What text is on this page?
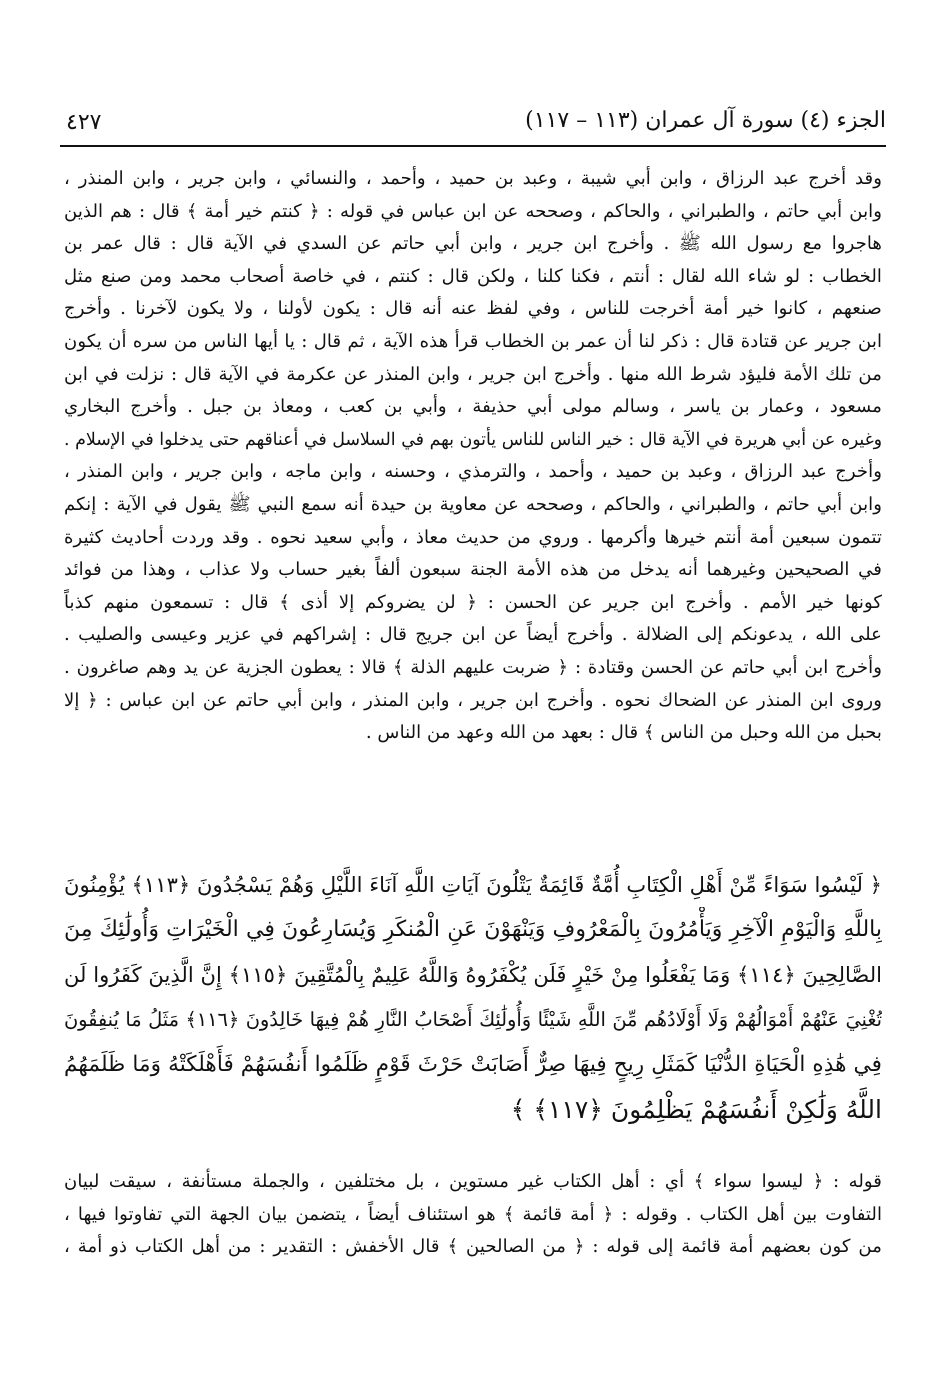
٤٢٧	الجزء (٤) سورة آل عمران (١١٣ – ١١٧)
وقد أخرج عبد الرزاق ، وابن أبي شيبة ، وعبد بن حميد ، وأحمد ، والنسائي ، وابن جرير ، وابن المنذر ،
وابن أبي حاتم ، والطبراني ، والحاكم ، وصححه عن ابن عباس في قوله : ﴿ كنتم خير أمة ﴾ قال : هم الذين
هاجروا مع رسول الله ﷺ . وأخرج ابن جرير ، وابن أبي حاتم عن السدي في الآية قال : قال عمر بن
الخطاب : لو شاء الله لقال : أنتم ، فكنا كلنا ، ولكن قال : كنتم ، في خاصة أصحاب محمد ومن صنع مثل
صنعهم ، كانوا خير أمة أخرجت للناس ، وفي لفظ عنه أنه قال : يكون لأولنا ، ولا يكون لآخرنا . وأخرج
ابن جرير عن قتادة قال : ذكر لنا أن عمر بن الخطاب قرأ هذه الآية ، ثم قال : يا أيها الناس من سره أن يكون
من تلك الأمة فليؤد شرط الله منها . وأخرج ابن جرير ، وابن المنذر عن عكرمة في الآية قال : نزلت في ابن
مسعود ، وعمار بن ياسر ، وسالم مولى أبي حذيفة ، وأبي بن كعب ، ومعاذ بن جبل . وأخرج البخاري
وغيره عن أبي هريرة في الآية قال : خير الناس للناس يأتون بهم في السلاسل في أعناقهم حتى يدخلوا في الإسلام .
وأخرج عبد الرزاق ، وعبد بن حميد ، وأحمد ، والترمذي ، وحسنه ، وابن ماجه ، وابن جرير ، وابن المنذر ،
وابن أبي حاتم ، والطبراني ، والحاكم ، وصححه عن معاوية بن حيدة أنه سمع النبي ﷺ يقول في الآية : إنكم
تتمون سبعين أمة أنتم خيرها وأكرمها . وروي من حديث معاذ ، وأبي سعيد نحوه . وقد وردت أحاديث كثيرة
في الصحيحين وغيرهما أنه يدخل من هذه الأمة الجنة سبعون ألفاً بغير حساب ولا عذاب ، وهذا من فوائد
كونها خير الأمم . وأخرج ابن جرير عن الحسن : ﴿ لن يضروكم إلا أذى ﴾ قال : تسمعون منهم كذباً
على الله ، يدعونكم إلى الضلالة . وأخرج أيضاً عن ابن جريج قال : إشراكهم في عزير وعيسى والصليب .
وأخرج ابن أبي حاتم عن الحسن وقتادة : ﴿ ضربت عليهم الذلة ﴾ قالا : يعطون الجزية عن يد وهم صاغرون .
وروى ابن المنذر عن الضحاك نحوه . وأخرج ابن جرير ، وابن المنذر ، وابن أبي حاتم عن ابن عباس : ﴿ إلا
بحبل من الله وحبل من الناس ﴾ قال : بعهد من الله وعهد من الناس .
﴿ لَيْسُوا سَوَاءً مِّنْ أَهْلِ الْكِتَابِ أُمَّةٌ قَائِمَةٌ يَتْلُونَ آيَاتِ اللَّهِ آنَاءَ اللَّيْلِ وَهُمْ يَسْجُدُونَ ﴿١١٣﴾ يُؤْمِنُونَ
بِاللَّهِ وَالْيَوْمِ الْآخِرِ وَيَأْمُرُونَ بِالْمَعْرُوفِ وَيَنْهَوْنَ عَنِ الْمُنكَرِ وَيُسَارِعُونَ فِي الْخَيْرَاتِ وَأُولَٰئِكَ مِنَ
الصَّالِحِينَ ﴿١١٤﴾ وَمَا يَفْعَلُوا مِنْ خَيْرٍ فَلَن يُكْفَرُوهُ وَاللَّهُ عَلِيمٌ بِالْمُتَّقِينَ ﴿١١٥﴾ إِنَّ الَّذِينَ كَفَرُوا لَن
تُغْنِيَ عَنْهُمْ أَمْوَالُهُمْ وَلَا أَوْلَادُهُم مِّنَ اللَّهِ شَيْئًا وَأُولَٰئِكَ أَصْحَابُ النَّارِ هُمْ فِيهَا خَالِدُونَ ﴿١١٦﴾ مَثَلُ مَا يُنفِقُونَ
فِي هَٰذِهِ الْحَيَاةِ الدُّنْيَا كَمَثَلِ رِيحٍ فِيهَا صِرٌّ أَصَابَتْ حَرْثَ قَوْمٍ ظَلَمُوا أَنفُسَهُمْ فَأَهْلَكَتْهُ وَمَا ظَلَمَهُمُ
اللَّهُ وَلَٰكِنْ أَنفُسَهُمْ يَظْلِمُونَ ﴿١١٧﴾ ﴾
قوله : ﴿ ليسوا سواء ﴾ أي : أهل الكتاب غير مستوين ، بل مختلفين ، والجملة مستأنفة ، سيقت لبيان
التفاوت بين أهل الكتاب . وقوله : ﴿ أمة قائمة ﴾ هو استئناف أيضاً ، يتضمن بيان الجهة التي تفاوتوا فيها ،
من كون بعضهم أمة قائمة إلى قوله : ﴿ من الصالحين ﴾ قال الأخفش : التقدير : من أهل الكتاب ذو أمة ،
